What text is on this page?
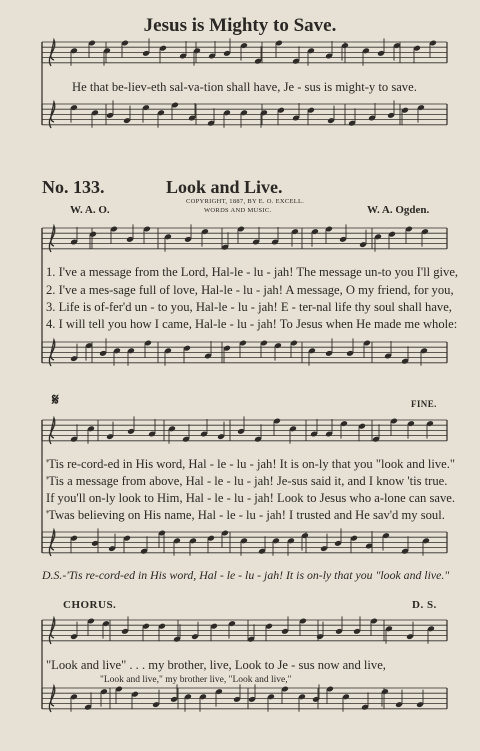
Jesus is Mighty to Save.
He that be-liev-eth sal-va-tion shall have, Je - sus is might-y to save.
No. 133.	Look and Live.
COPYRIGHT, 1887, BY E. O. EXCELL.
WORDS AND MUSIC.
W. A. O.	W. A. Ogden.
1. I've a message from the Lord, Hal-le - lu - jah! The message un-to you I'll give,
2. I've a mes-sage full of love, Hal-le - lu - jah! A message, O my friend, for you,
3. Life is of-fer'd un - to you, Hal-le - lu - jah! E - ter-nal life thy soul shall have,
4. I will tell you how I came, Hal-le - lu - jah! To Jesus when He made me whole:
𝄋	FINE.
'Tis re-cord-ed in His word, Hal - le - lu - jah! It is on-ly that you "look and live."
'Tis a message from above, Hal - le - lu - jah! Je-sus said it, and I know 'tis true.
If you'll on-ly look to Him, Hal - le - lu - jah! Look to Jesus who a-lone can save.
'Twas believing on His name, Hal - le - lu - jah! I trusted and He sav'd my soul.
D.S.-'Tis re-cord-ed in His word, Hal - le - lu - jah! It is on-ly that you "look and live."
CHORUS.	D. S.
"Look and live" . . . my brother, live, Look to Je - sus now and live,
"Look and live," my brother live, "Look and live,"
